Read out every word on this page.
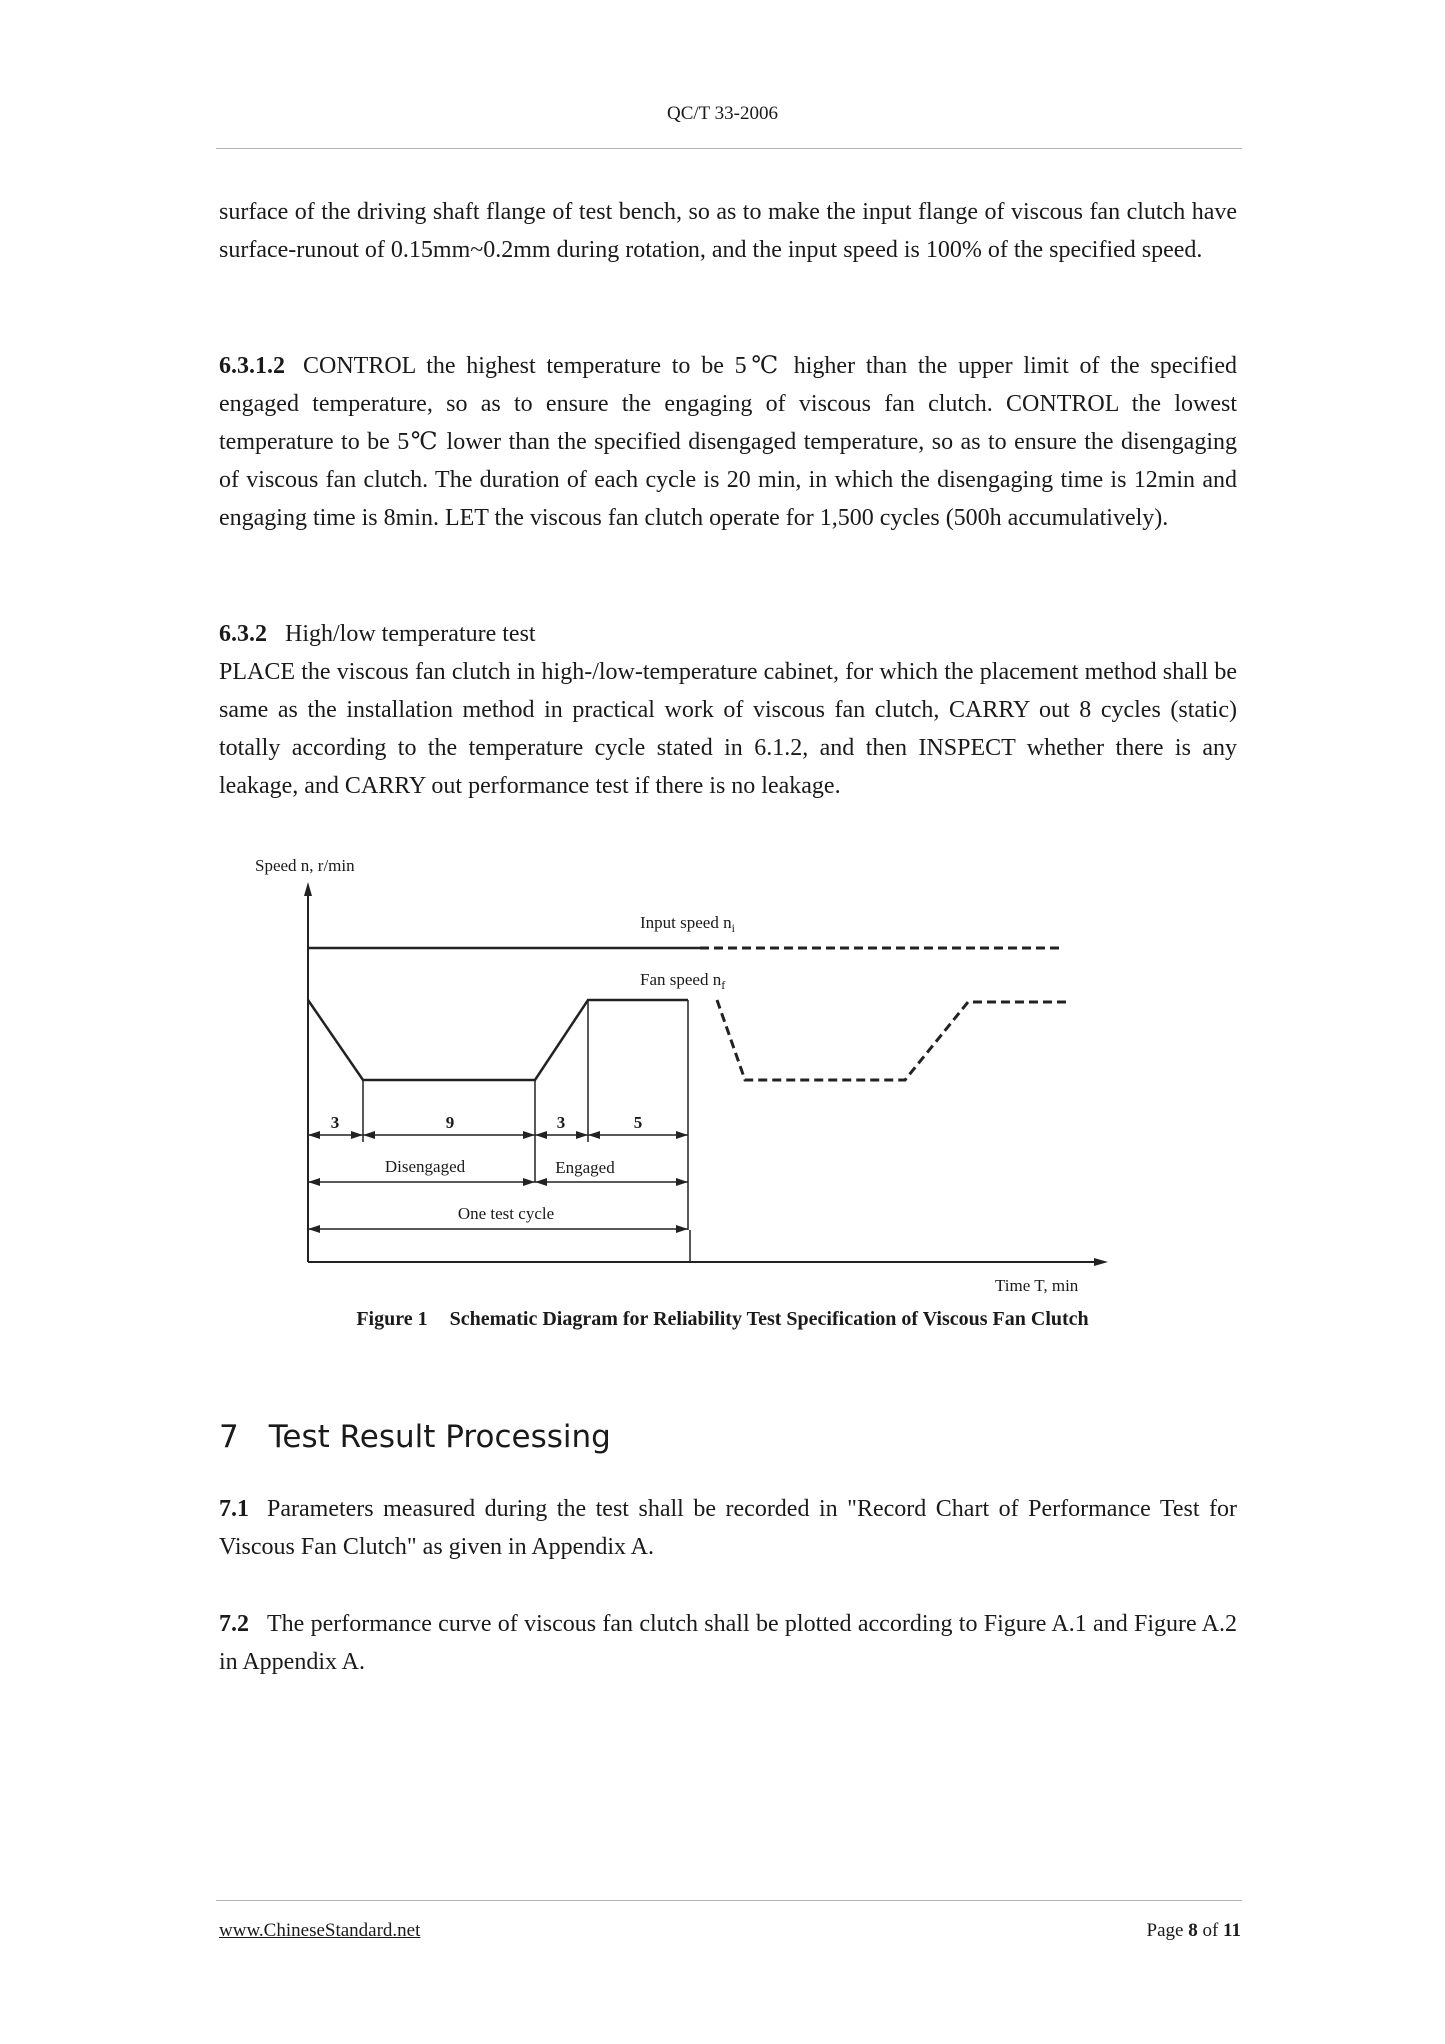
QC/T 33-2006

surface of the driving shaft flange of test bench, so as to make the input flange of viscous fan clutch have surface-runout of 0.15mm~0.2mm during rotation, and the input speed is 100% of the specified speed.

6.3.1.2 CONTROL the highest temperature to be 5℃ higher than the upper limit of the specified engaged temperature, so as to ensure the engaging of viscous fan clutch. CONTROL the lowest temperature to be 5℃ lower than the specified disengaged temperature, so as to ensure the disengaging of viscous fan clutch. The duration of each cycle is 20 min, in which the disengaging time is 12min and engaging time is 8min. LET the viscous fan clutch operate for 1,500 cycles (500h accumulatively).

6.3.2 High/low temperature test
PLACE the viscous fan clutch in high-/low-temperature cabinet, for which the placement method shall be same as the installation method in practical work of viscous fan clutch, CARRY out 8 cycles (static) totally according to the temperature cycle stated in 6.1.2, and then INSPECT whether there is any leakage, and CARRY out performance test if there is no leakage.

Speed n, r/min
Time T, min
Input speed $n_i$
Fan speed $n_f$
3	9	3	5
Disengaged	Engaged
One test cycle
Figure 1 Schematic Diagram for Reliability Test Specification of Viscous Fan Clutch
7 Test Result Processing

7.1 Parameters measured during the test shall be recorded in "Record Chart of Performance Test for Viscous Fan Clutch" as given in Appendix A.

7.2 The performance curve of viscous fan clutch shall be plotted according to Figure A.1 and Figure A.2 in Appendix A.

www.ChineseStandard.net	Page 8 of 11
